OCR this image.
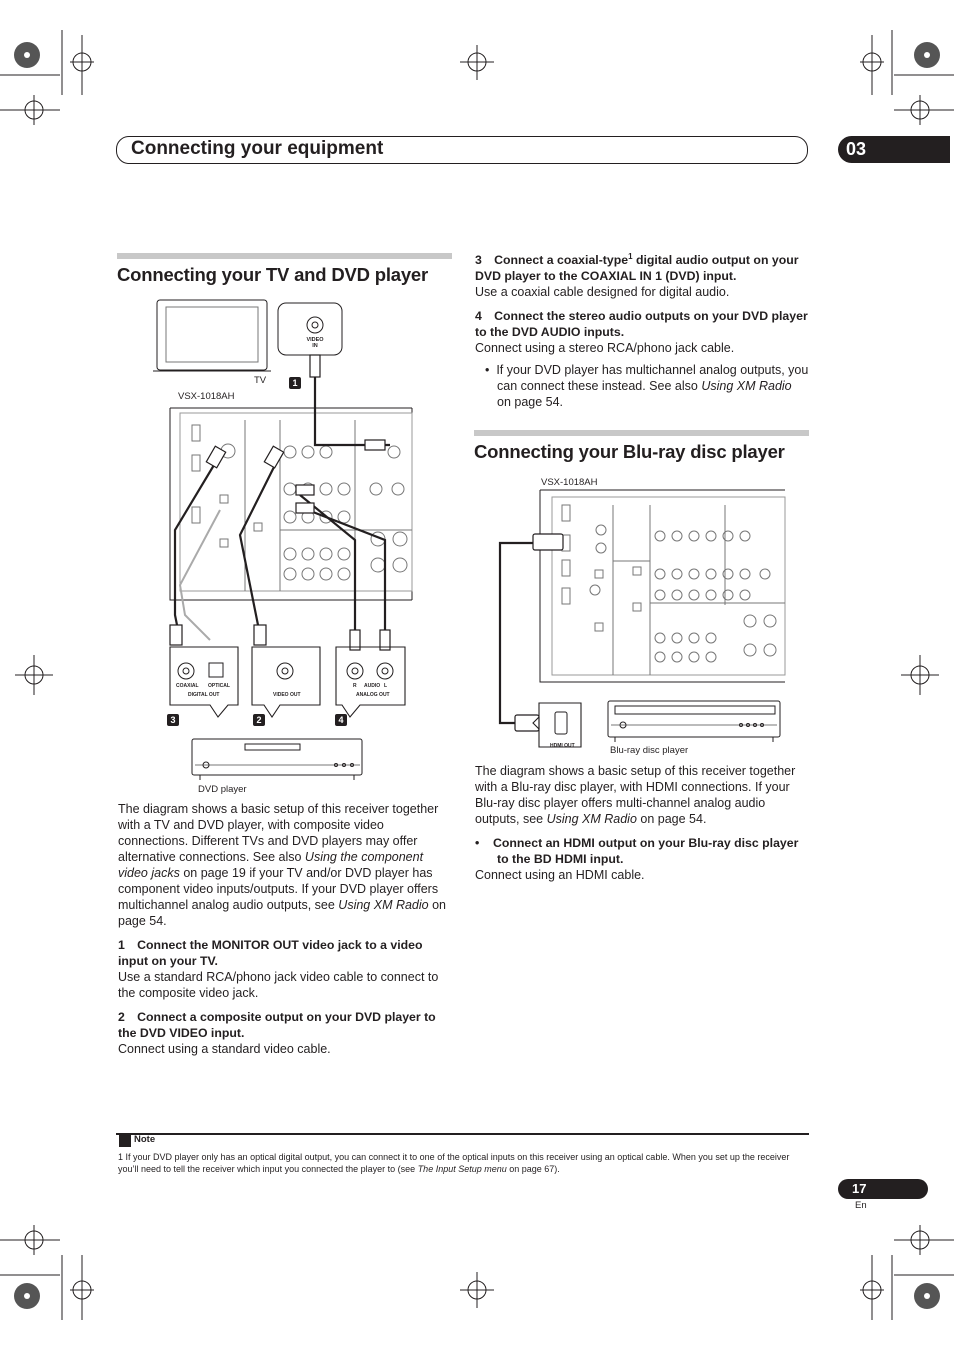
Connecting your equipment	03
Connecting your TV and DVD player
TV
VSX-1018AH
VIDEO IN
COAXIAL OPTICAL
DIGITAL OUT	VIDEO OUT
R AUDIO L
ANALOG OUT
DVD player
1
3	2	4

The diagram shows a basic setup of this receiver together with a TV and DVD player, with composite video connections. Different TVs and DVD players may offer alternative connections. See also Using the component video jacks on page 19 if your TV and/or DVD player has component video inputs/outputs. If your DVD player offers multichannel analog audio outputs, see Using XM Radio on page 54.

1 Connect the MONITOR OUT video jack to a video input on your TV.

Use a standard RCA/phono jack video cable to connect to the composite video jack.

2 Connect a composite output on your DVD player to the DVD VIDEO input.

Connect using a standard video cable.

3 Connect a coaxial-type$^1$ digital audio output on your DVD player to the COAXIAL IN 1 (DVD) input.

Use a coaxial cable designed for digital audio.

4 Connect the stereo audio outputs on your DVD player to the DVD AUDIO inputs.

Connect using a stereo RCA/phono jack cable.

•  If your DVD player has multichannel analog outputs, you can connect these instead. See also Using XM Radio on page 54.

Connecting your Blu-ray disc player
VSX-1018AH
HDMI OUT	Blu-ray disc player

The diagram shows a basic setup of this receiver together with a Blu-ray disc player, with HDMI connections. If your Blu-ray disc player offers multi-channel analog audio outputs, see Using XM Radio on page 54.

•    Connect an HDMI output on your Blu-ray disc player to the BD HDMI input.

Connect using an HDMI cable.

Note
1 If your DVD player only has an optical digital output, you can connect it to one of the optical inputs on this receiver using an optical cable. When you set up the receiver you’ll need to tell the receiver which input you connected the player to (see The Input Setup menu on page 67).
17
En
